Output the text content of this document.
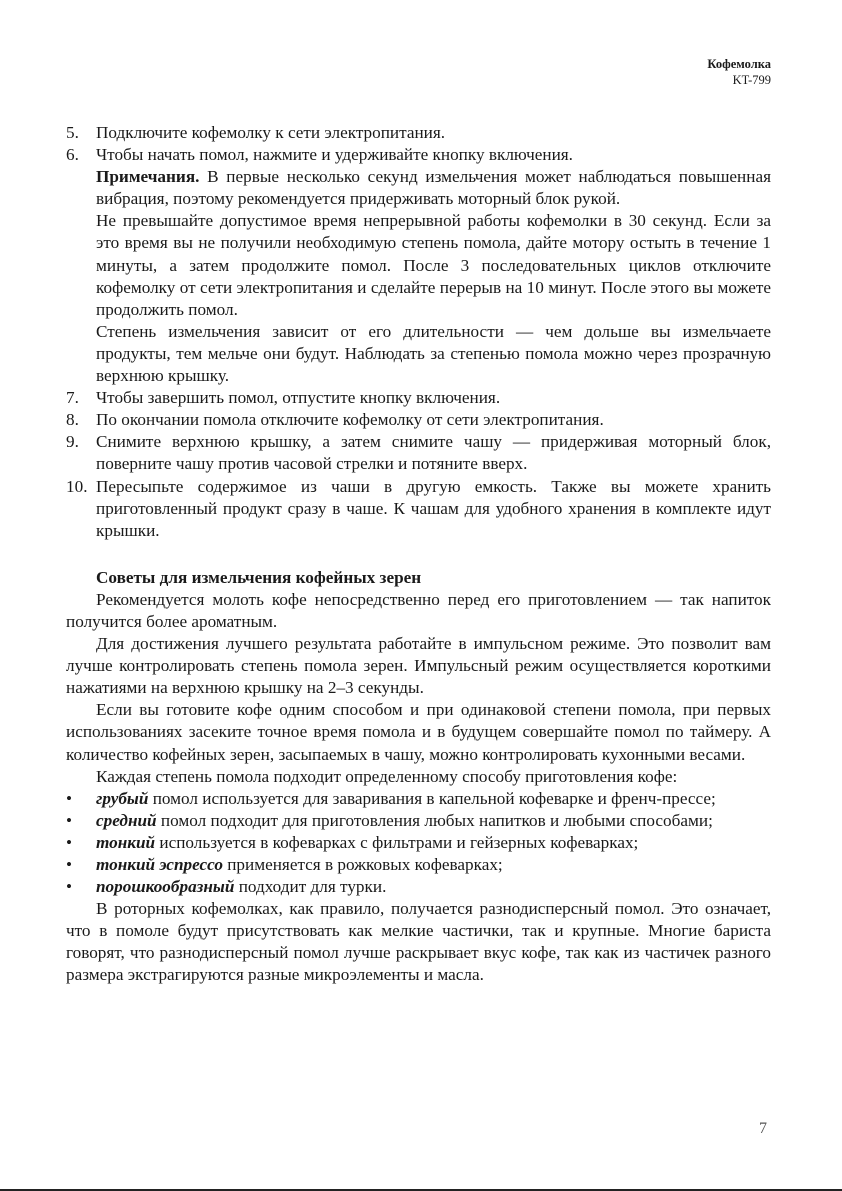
Кофемолка
KT-799
5. Подключите кофемолку к сети электропитания.
6. Чтобы начать помол, нажмите и удерживайте кнопку включения.

Примечания. В первые несколько секунд измельчения может наблюдаться повышенная вибрация, поэтому рекомендуется придерживать моторный блок рукой.

Не превышайте допустимое время непрерывной работы кофемолки в 30 секунд. Если за это время вы не получили необходимую степень помола, дайте мотору остыть в течение 1 минуты, а затем продолжите помол. После 3 последовательных циклов отключите кофемолку от сети электропитания и сделайте перерыв на 10 минут. После этого вы можете продолжить помол.

Степень измельчения зависит от его длительности — чем дольше вы измельчаете продукты, тем мельче они будут. Наблюдать за степенью помола можно через прозрачную верхнюю крышку.

7. Чтобы завершить помол, отпустите кнопку включения.
8. По окончании помола отключите кофемолку от сети электропитания.
9. Снимите верхнюю крышку, а затем снимите чашу — придерживая моторный блок, поверните чашу против часовой стрелки и потяните вверх.
10. Пересыпьте содержимое из чаши в другую емкость. Также вы можете хранить приготовленный продукт сразу в чаше. К чашам для удобного хранения в комплекте идут крышки.
Советы для измельчения кофейных зерен

Рекомендуется молоть кофе непосредственно перед его приготовлением — так напиток получится более ароматным.

Для достижения лучшего результата работайте в импульсном режиме. Это позволит вам лучше контролировать степень помола зерен. Импульсный режим осуществляется короткими нажатиями на верхнюю крышку на 2–3 секунды.

Если вы готовите кофе одним способом и при одинаковой степени помола, при первых использованиях засеките точное время помола и в будущем совершайте помол по таймеру. А количество кофейных зерен, засыпаемых в чашу, можно контролировать кухонными весами.

Каждая степень помола подходит определенному способу приготовления кофе:

• грубый помол используется для заваривания в капельной кофеварке и френч-прессе;
• средний помол подходит для приготовления любых напитков и любыми способами;
• тонкий используется в кофеварках с фильтрами и гейзерных кофеварках;
• тонкий эспрессо применяется в рожковых кофеварках;
• порошкообразный подходит для турки.

В роторных кофемолках, как правило, получается разнодисперсный помол. Это означает, что в помоле будут присутствовать как мелкие частички, так и крупные. Многие бариста говорят, что разнодисперсный помол лучше раскрывает вкус кофе, так как из частичек разного размера экстрагируются разные микроэлементы и масла.

7
